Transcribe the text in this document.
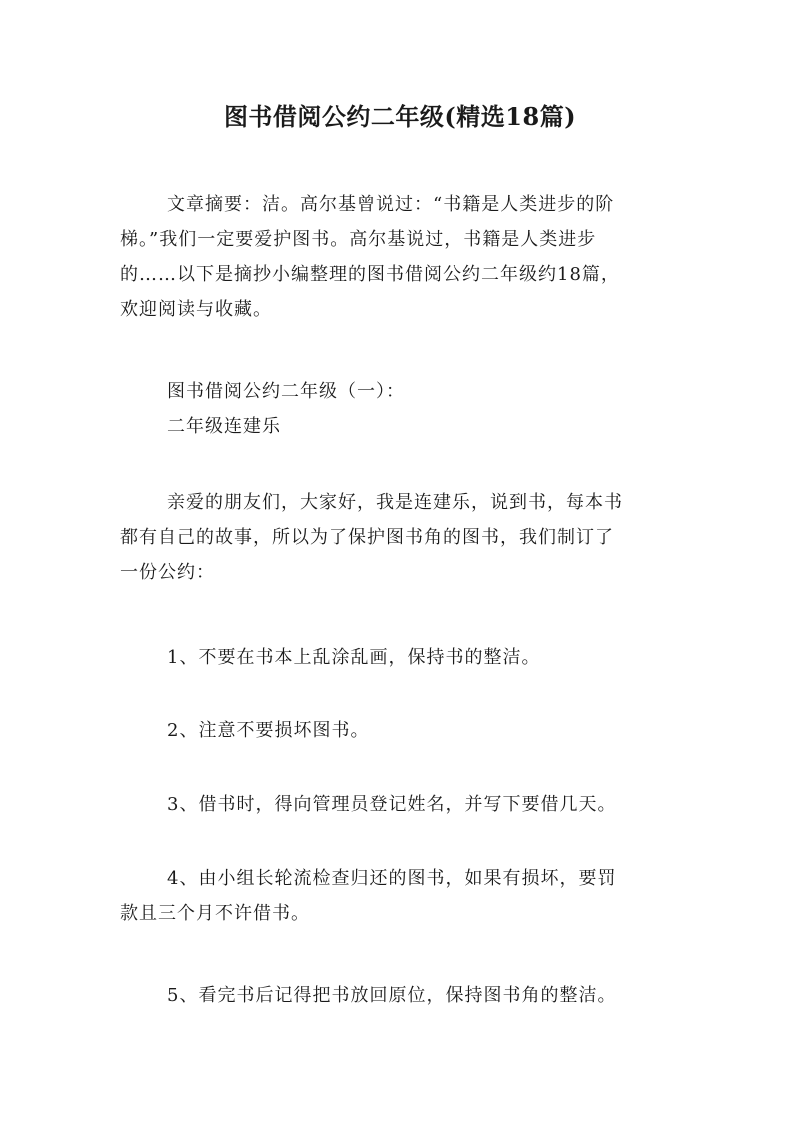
图书借阅公约二年级(精选18篇)

文章摘要：洁。高尔基曾说过：“书籍是人类进步的阶

梯。”我们一定要爱护图书。高尔基说过，书籍是人类进步

的……以下是摘抄小编整理的图书借阅公约二年级约18篇，

欢迎阅读与收藏。

图书借阅公约二年级（一）：

二年级连建乐

亲爱的朋友们，大家好，我是连建乐，说到书，每本书

都有自己的故事，所以为了保护图书角的图书，我们制订了

一份公约：

1、不要在书本上乱涂乱画，保持书的整洁。

2、注意不要损坏图书。

3、借书时，得向管理员登记姓名，并写下要借几天。

4、由小组长轮流检查归还的图书，如果有损坏，要罚

款且三个月不许借书。

5、看完书后记得把书放回原位，保持图书角的整洁。
